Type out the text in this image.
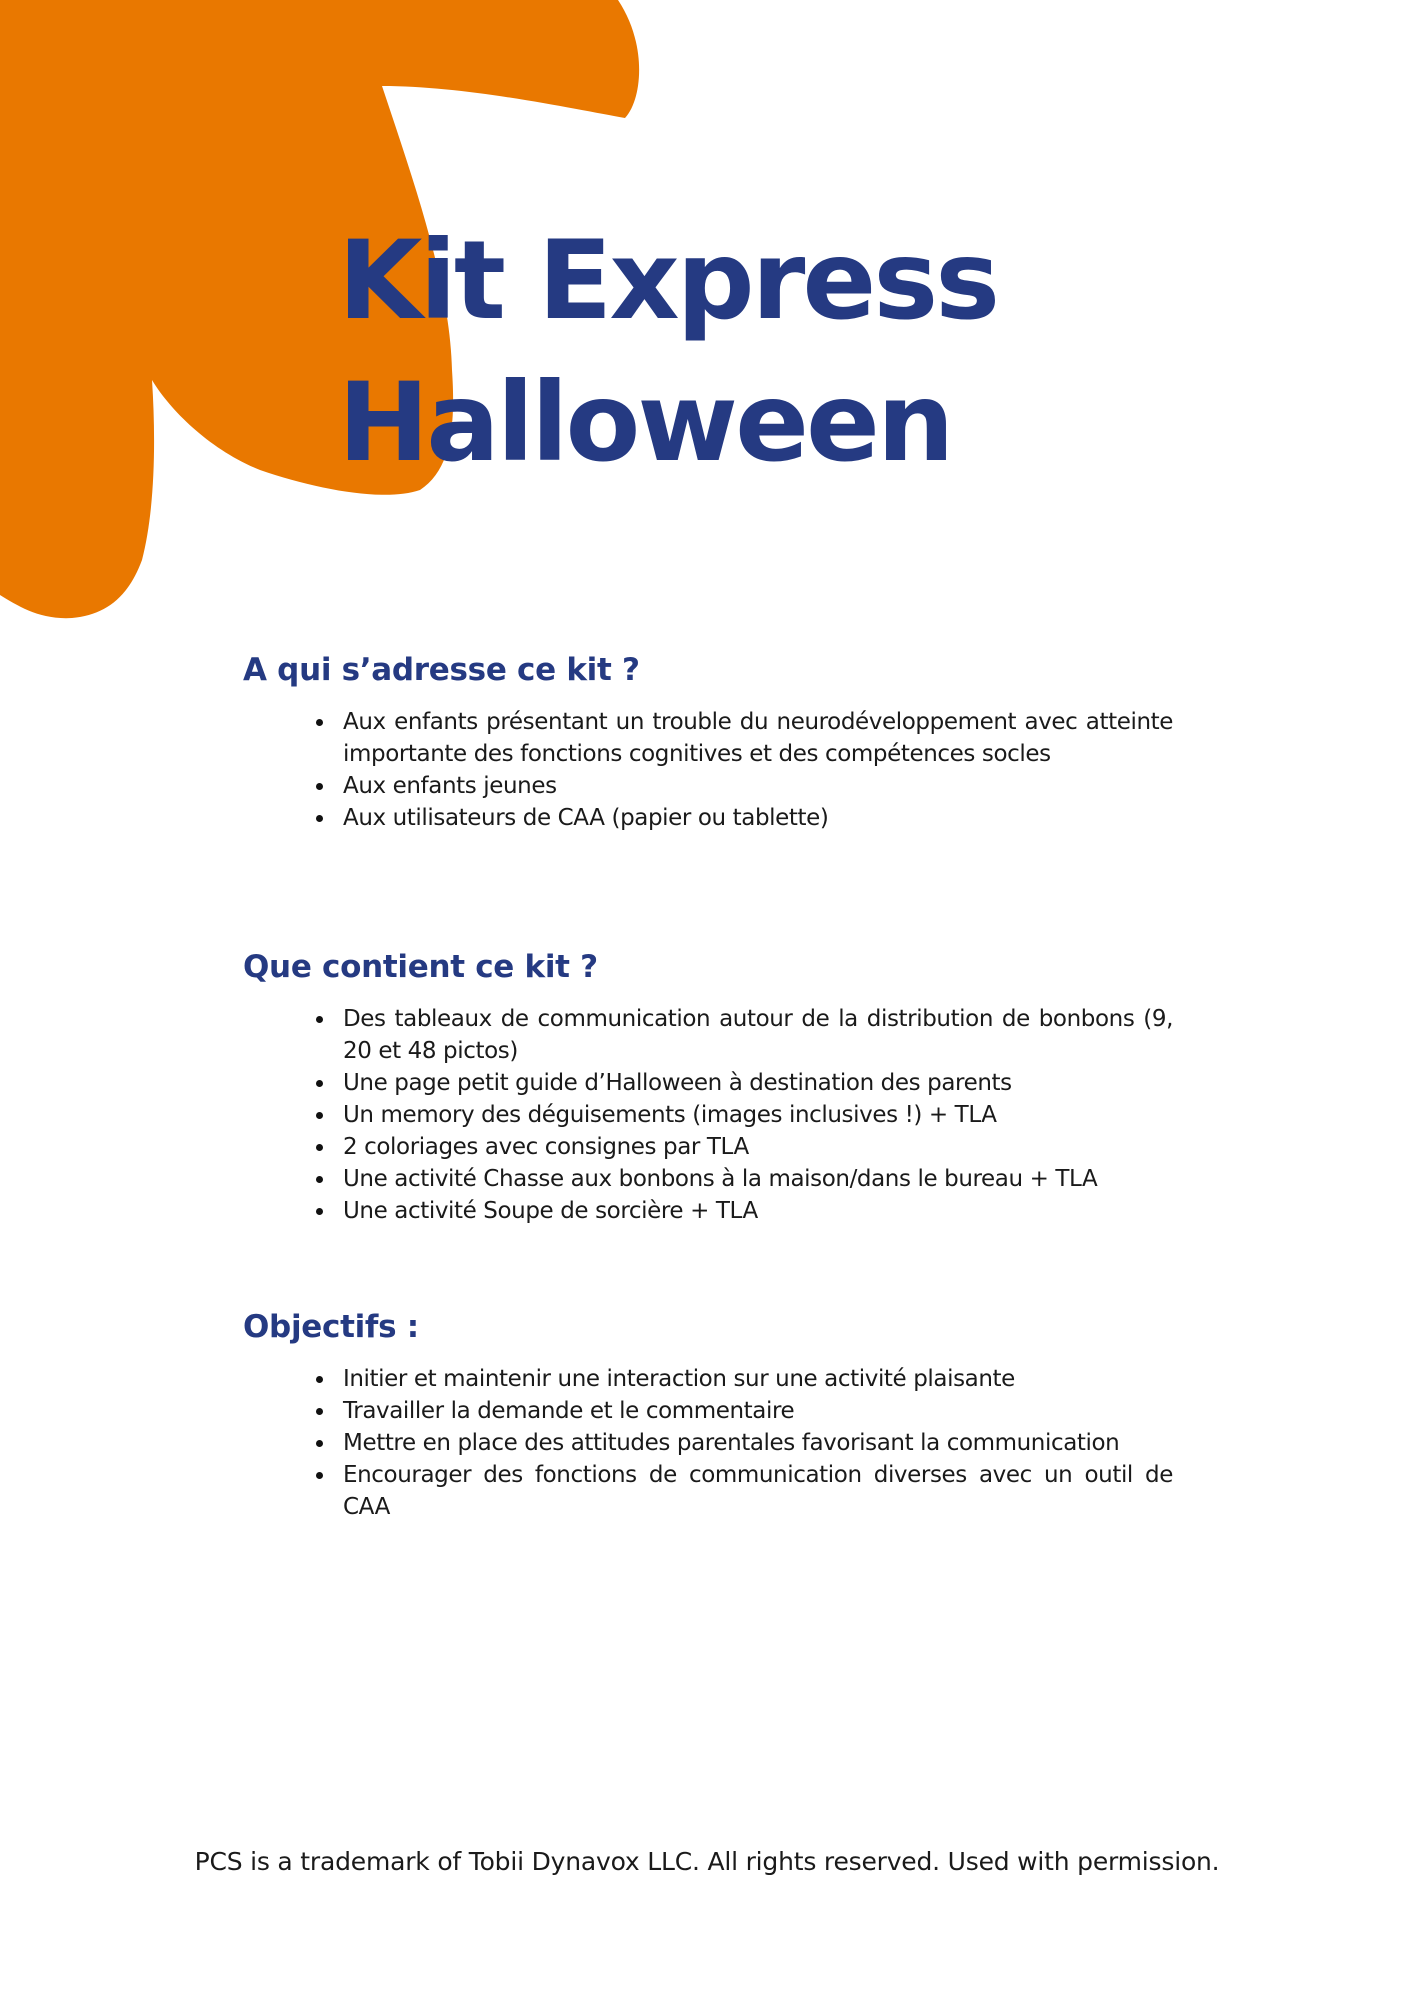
Kit Express
Halloween
A qui s’adresse ce kit ?
Aux enfants présentant un trouble du neurodéveloppement avec atteinte importante des fonctions cognitives et des compétences socles
Aux enfants jeunes
Aux utilisateurs de CAA (papier ou tablette)
Que contient ce kit ?
Des tableaux de communication autour de la distribution de bonbons (9, 20 et 48 pictos)
Une page petit guide d’Halloween à destination des parents
Un memory des déguisements (images inclusives !) + TLA
2 coloriages avec consignes par TLA
Une activité Chasse aux bonbons à la maison/dans le bureau + TLA
Une activité Soupe de sorcière + TLA
Objectifs :
Initier et maintenir une interaction sur une activité plaisante
Travailler la demande et le commentaire
Mettre en place des attitudes parentales favorisant la communication
Encourager des fonctions de communication diverses avec un outil de CAA
PCS is a trademark of Tobii Dynavox LLC. All rights reserved. Used with permission.
